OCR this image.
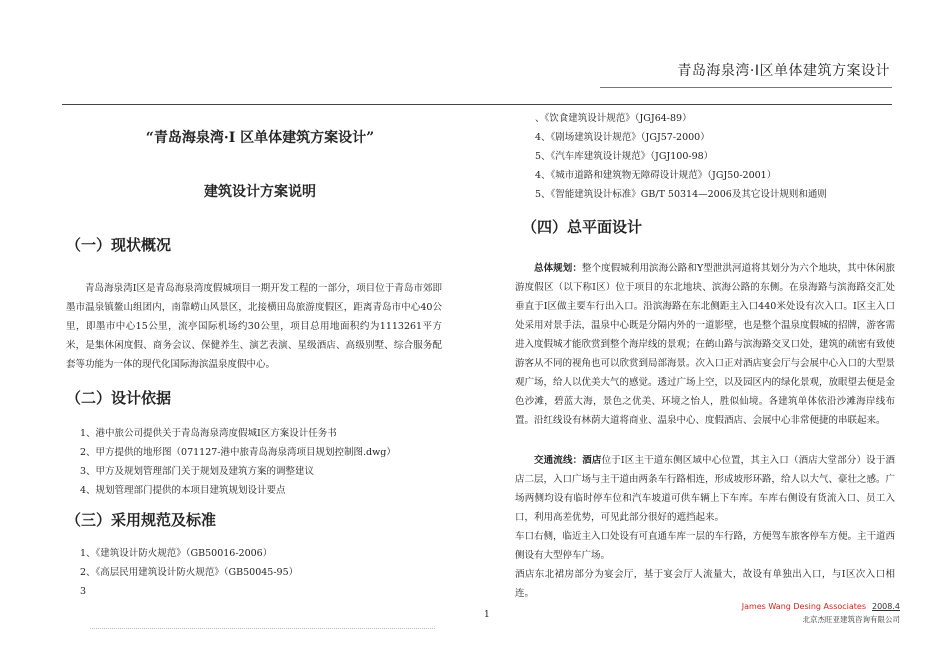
青岛海泉湾·Ⅰ区单体建筑方案设计
“青岛海泉湾·Ⅰ 区单体建筑方案设计”
建筑设计方案说明
（一）现状概况
青岛海泉湾Ⅰ区是青岛海泉湾度假城项目一期开发工程的一部分，项目位于青岛市郊即墨市温泉镇鳌山组团内，南靠崂山风景区，北接横田岛旅游度假区，距离青岛市中心40公里，即墨市中心15公里，流亭国际机场约30公里，项目总用地面积约为1113261平方米，是集休闲度假、商务会议、保健养生、演艺表演、星级酒店、高级别墅、综合服务配套等功能为一体的现代化国际海滨温泉度假中心。
（二）设计依据
1、港中旅公司提供关于青岛海泉湾度假城Ⅰ区方案设计任务书
2、甲方提供的地形图（071127-港中旅青岛海泉湾项目规划控制图.dwg）
3、甲方及规划管理部门关于规划及建筑方案的调整建议
4、规划管理部门提供的本项目建筑规划设计要点
（三）采用规范及标准
1、《建筑设计防火规范》（GB50016-2006）
2、《高层民用建筑设计防火规范》（GB50045-95）
3
、《饮食建筑设计规范》（JGJ64-89）
4、《剧场建筑设计规范》（JGJ57-2000）
5、《汽车库建筑设计规范》（JGJ100-98）
4、《城市道路和建筑物无障碍设计规范》（JGJ50-2001）
5、《智能建筑设计标准》GB/T 50314—2006及其它设计规则和通则
（四）总平面设计
总体规划：整个度假城利用滨海公路和Y型泄洪河道将其划分为六个地块，其中休闲旅游度假区（以下称Ⅰ区）位于项目的东北地块、滨海公路的东侧。在泉海路与滨海路交汇处垂直于Ⅰ区做主要车行出入口。沿滨海路在东北侧距主入口440米处设有次入口。Ⅰ区主入口处采用对景手法，温泉中心既是分隔内外的一道影壁，也是整个温泉度假城的招牌，游客需进入度假城才能欣赏到整个海岸线的景观；在鹤山路与滨海路交叉口处，建筑的疏密有致使游客从不同的视角也可以欣赏到局部海景。次入口正对酒店宴会厅与会展中心入口的大型景观广场，给人以优美大气的感觉。透过广场上空，以及园区内的绿化景观，放眼望去便是金色沙滩，碧蓝大海，景色之优美、环境之怡人，胜似仙境。各建筑单体依沿沙滩海岸线布置。沿红线设有林荫大道将商业、温泉中心、度假酒店、会展中心非常便捷的串联起来。
交通流线：酒店位于Ⅰ区主干道东侧区域中心位置，其主入口（酒店大堂部分）设于酒店二层，入口广场与主干道由两条车行路相连，形成坡形环路，给人以大气、豪壮之感。广场两侧均设有临时停车位和汽车坡道可供车辆上下车库。车库右侧设有货流入口、员工入口，利用高差优势，可见此部分很好的遮挡起来。
车口右侧，临近主入口处设有可直通车库一层的车行路，方便驾车旅客停车方便。主干道西侧设有大型停车广场。
酒店东北裙房部分为宴会厅，基于宴会厅人流量大，故设有单独出入口，与Ⅰ区次入口相连。
1
James Wang Desing Associates 2008.4
北京杰旺亚建筑咨询有限公司
